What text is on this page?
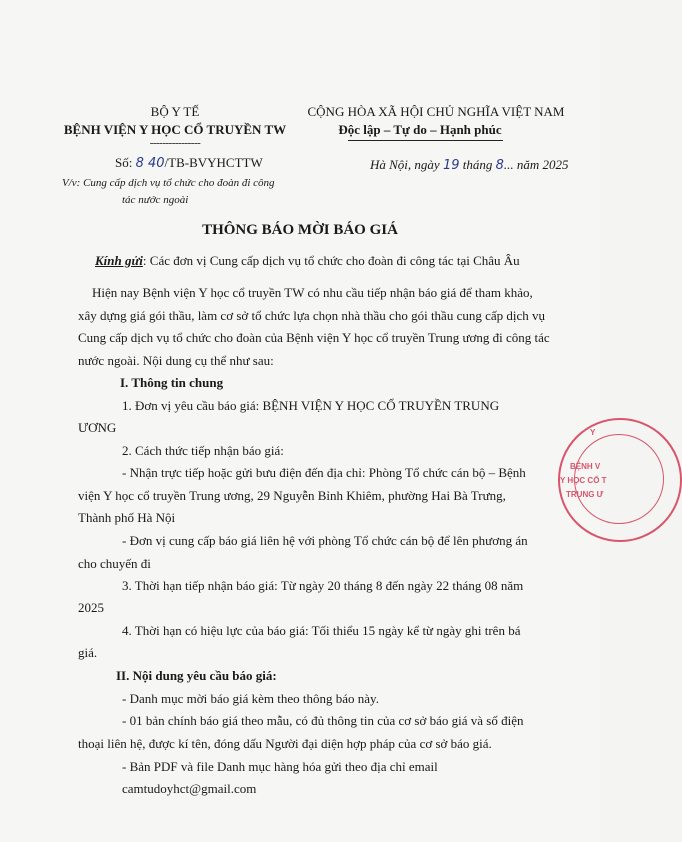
BỘ Y TẾ
BỆNH VIỆN Y HỌC CỔ TRUYỀN TW
----------------
Số: 8 40/TB-BVYHCTTW
V/v: Cung cấp dịch vụ tổ chức cho đoàn đi công
tác nước ngoài
CỘNG HÒA XÃ HỘI CHỦ NGHĨA VIỆT NAM
Độc lập – Tự do – Hạnh phúc
Hà Nội, ngày 19 tháng 8... năm 2025
THÔNG BÁO MỜI BÁO GIÁ
Kính gửi: Các đơn vị Cung cấp dịch vụ tổ chức cho đoàn đi công tác tại Châu Âu
Hiện nay Bệnh viện Y học cổ truyền TW có nhu cầu tiếp nhận báo giá để tham khảo,
xây dựng giá gói thầu, làm cơ sở tổ chức lựa chọn nhà thầu cho gói thầu cung cấp dịch vụ
Cung cấp dịch vụ tổ chức cho đoàn của Bệnh viện Y học cổ truyền Trung ương đi công tác
nước ngoài. Nội dung cụ thể như sau:
I. Thông tin chung
1. Đơn vị yêu cầu báo giá: BỆNH VIỆN Y HỌC CỔ TRUYỀN TRUNG
ƯƠNG
2. Cách thức tiếp nhận báo giá:
- Nhận trực tiếp hoặc gửi bưu điện đến địa chỉ: Phòng Tổ chức cán bộ – Bệnh
viện Y học cổ truyền Trung ương, 29 Nguyễn Bỉnh Khiêm, phường Hai Bà Trưng,
Thành phố Hà Nội
- Đơn vị cung cấp báo giá liên hệ với phòng Tổ chức cán bộ để lên phương án
cho chuyến đi
3. Thời hạn tiếp nhận báo giá: Từ ngày 20 tháng 8 đến ngày 22 tháng 08 năm
2025
4. Thời hạn có hiệu lực của báo giá: Tối thiểu 15 ngày kể từ ngày ghi trên bá
giá.
II. Nội dung yêu cầu báo giá:
- Danh mục mời báo giá kèm theo thông báo này.
- 01 bản chính báo giá theo mẫu, có đủ thông tin của cơ sở báo giá và số điện
thoại liên hệ, được kí tên, đóng dấu Người đại diện hợp pháp của cơ sở báo giá.
- Bản PDF và file Danh mục hàng hóa gửi theo địa chỉ email
camtudoyhct@gmail.com
Y
BỆNH V
Y HỌC CỔ T
TRUNG Ư
